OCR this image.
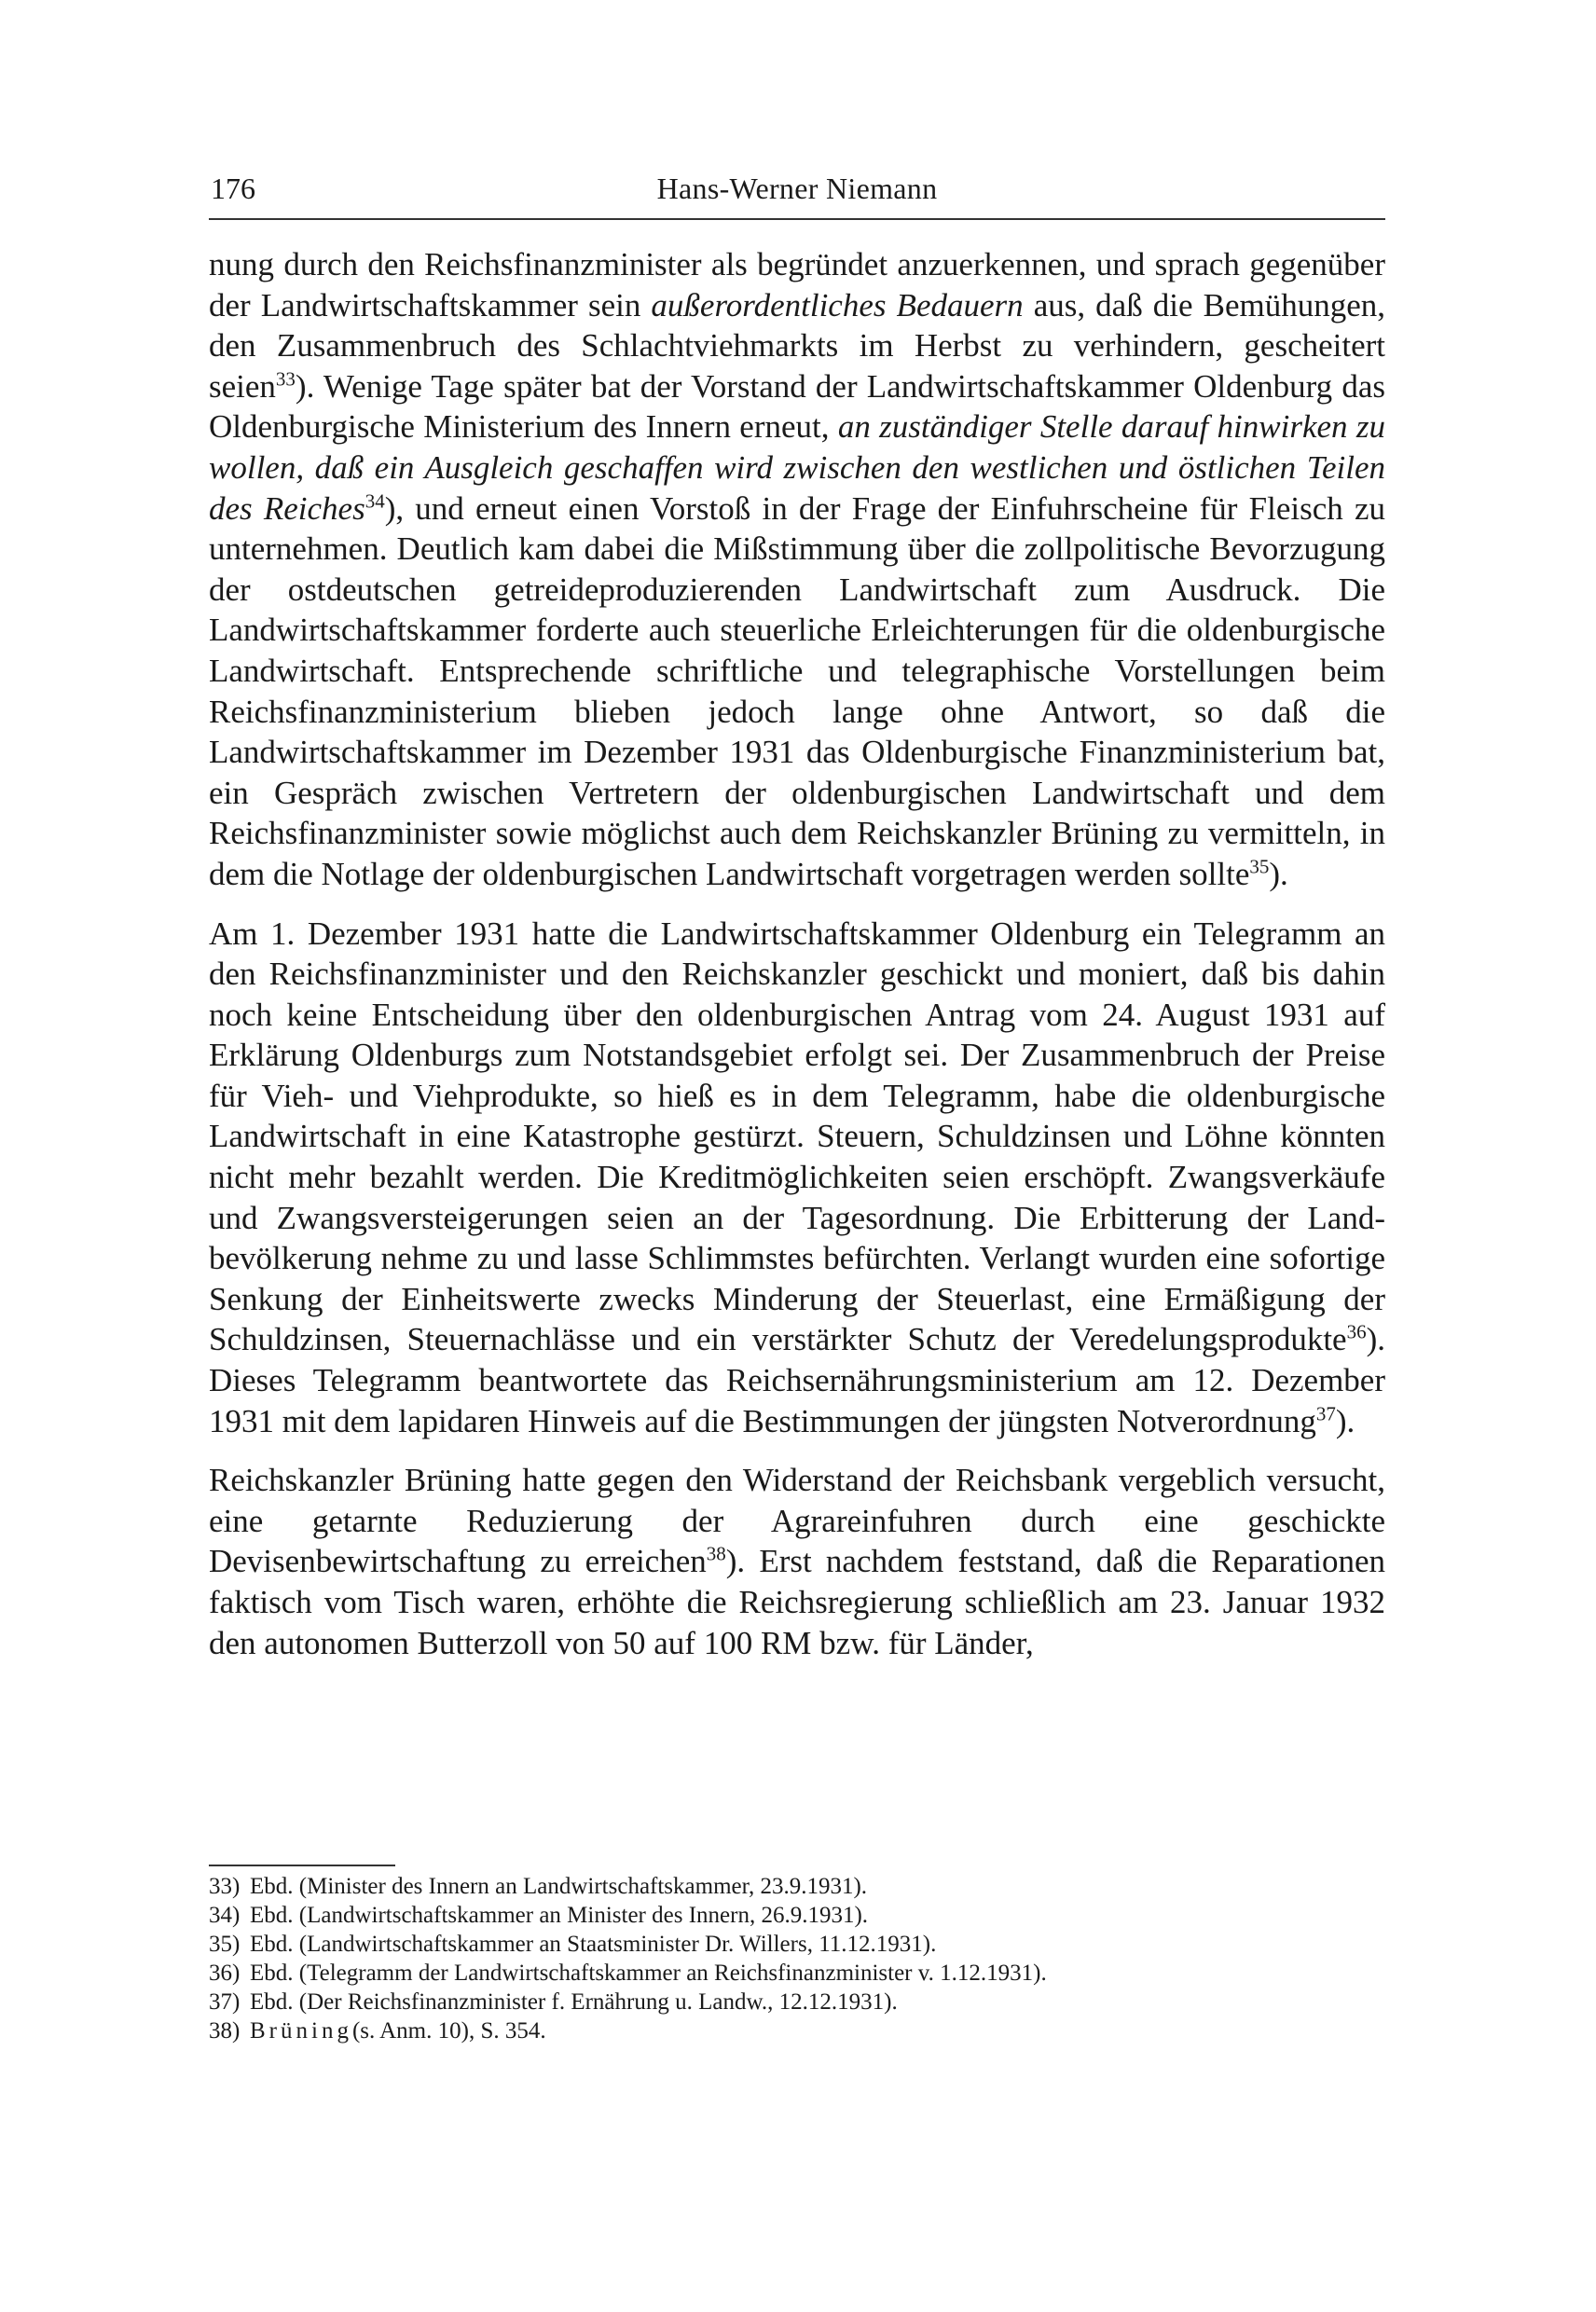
176	Hans-Werner Niemann

nung durch den Reichsfinanzminister als begründet anzuerkennen, und sprach gegenüber der Landwirtschaftskammer sein außerordentliches Bedauern aus, daß die Bemühungen, den Zusammenbruch des Schlachtviehmarkts im Herbst zu verhindern, gescheitert seien$^{33}$). Wenige Tage später bat der Vorstand der Landwirtschaftskammer Oldenburg das Oldenburgische Ministerium des Innern erneut, an zuständiger Stelle darauf hinwirken zu wollen, daß ein Ausgleich geschaffen wird zwischen den westlichen und östlichen Teilen des Reiches$^{34}$), und erneut einen Vorstoß in der Frage der Einfuhrscheine für Fleisch zu unternehmen. Deutlich kam dabei die Mißstimmung über die zollpolitische Bevorzugung der ostdeutschen getreideproduzierenden Landwirtschaft zum Ausdruck. Die Landwirtschaftskammer forderte auch steuerliche Erleichterungen für die oldenburgische Landwirtschaft. Entsprechende schriftliche und telegraphische Vorstellungen beim Reichsfinanzministerium blieben jedoch lange ohne Antwort, so daß die Landwirtschaftskammer im Dezember 1931 das Oldenburgische Finanzministerium bat, ein Gespräch zwischen Vertretern der oldenburgischen Landwirtschaft und dem Reichsfinanzminister sowie möglichst auch dem Reichskanzler Brüning zu vermitteln, in dem die Notlage der oldenburgischen Landwirtschaft vorgetragen werden sollte$^{35}$).

Am 1. Dezember 1931 hatte die Landwirtschaftskammer Oldenburg ein Telegramm an den Reichsfinanzminister und den Reichskanzler geschickt und moniert, daß bis dahin noch keine Entscheidung über den oldenburgischen Antrag vom 24. August 1931 auf Erklärung Oldenburgs zum Notstandsgebiet erfolgt sei. Der Zusammenbruch der Preise für Vieh- und Viehprodukte, so hieß es in dem Telegramm, habe die oldenburgische Landwirtschaft in eine Katastrophe gestürzt. Steuern, Schuldzinsen und Löhne könnten nicht mehr bezahlt werden. Die Kreditmöglichkeiten seien erschöpft. Zwangsverkäufe und Zwangsversteigerungen seien an der Tagesordnung. Die Erbitterung der Landbevölkerung nehme zu und lasse Schlimmstes befürchten. Verlangt wurden eine sofortige Senkung der Einheitswerte zwecks Minderung der Steuerlast, eine Ermäßigung der Schuldzinsen, Steuernachlässe und ein verstärkter Schutz der Veredelungsprodukte$^{36}$). Dieses Telegramm beantwortete das Reichsernährungsministerium am 12. Dezember 1931 mit dem lapidaren Hinweis auf die Bestimmungen der jüngsten Notverordnung$^{37}$).

Reichskanzler Brüning hatte gegen den Widerstand der Reichsbank vergeblich versucht, eine getarnte Reduzierung der Agrareinfuhren durch eine geschickte Devisenbewirtschaftung zu erreichen$^{38}$). Erst nachdem feststand, daß die Reparationen faktisch vom Tisch waren, erhöhte die Reichsregierung schließlich am 23. Januar 1932 den autonomen Butterzoll von 50 auf 100 RM bzw. für Länder,

33) Ebd. (Minister des Innern an Landwirtschaftskammer, 23.9.1931).
34) Ebd. (Landwirtschaftskammer an Minister des Innern, 26.9.1931).
35) Ebd. (Landwirtschaftskammer an Staatsminister Dr. Willers, 11.12.1931).
36) Ebd. (Telegramm der Landwirtschaftskammer an Reichsfinanzminister v. 1.12.1931).
37) Ebd. (Der Reichsfinanzminister f. Ernährung u. Landw., 12.12.1931).
38) Brüning(s. Anm. 10), S. 354.
